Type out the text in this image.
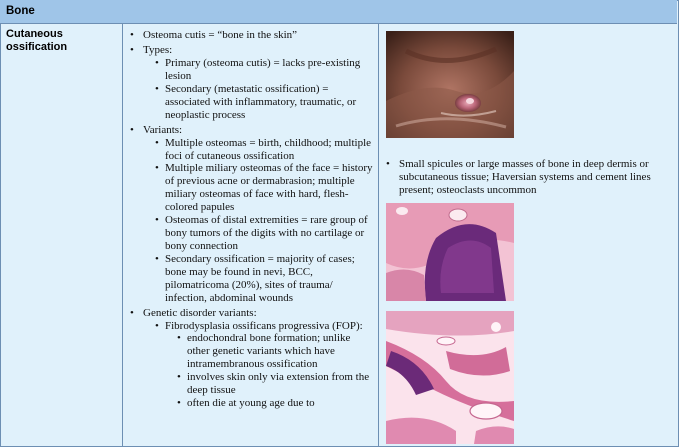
Bone
Cutaneous ossification
• Osteoma cutis = “bone in the skin”
• Types:
• Primary (osteoma cutis) = lacks pre-existing lesion
• Secondary (metastatic ossification) = associated with inflammatory, traumatic, or neoplastic process
• Variants:
• Multiple osteomas = birth, childhood; multiple foci of cutaneous ossification
• Multiple miliary osteomas of the face = history of previous acne or dermabrasion; multiple miliary osteomas of face with hard, flesh-colored papules
• Osteomas of distal extremities = rare group of bony tumors of the digits with no cartilage or bony connection
• Secondary ossification = majority of cases; bone may be found in nevi, BCC, pilomatricoma (20%), sites of trauma/ infection, abdominal wounds
• Genetic disorder variants:
• Fibrodysplasia ossificans progressiva (FOP):
• endochondral bone formation; unlike other genetic variants which have intramembranous ossification
• involves skin only via extension from the deep tissue
• often die at young age due to
• Small spicules or large masses of bone in deep dermis or subcutaneous tissue; Haversian systems and cement lines present; osteoclasts uncommon
